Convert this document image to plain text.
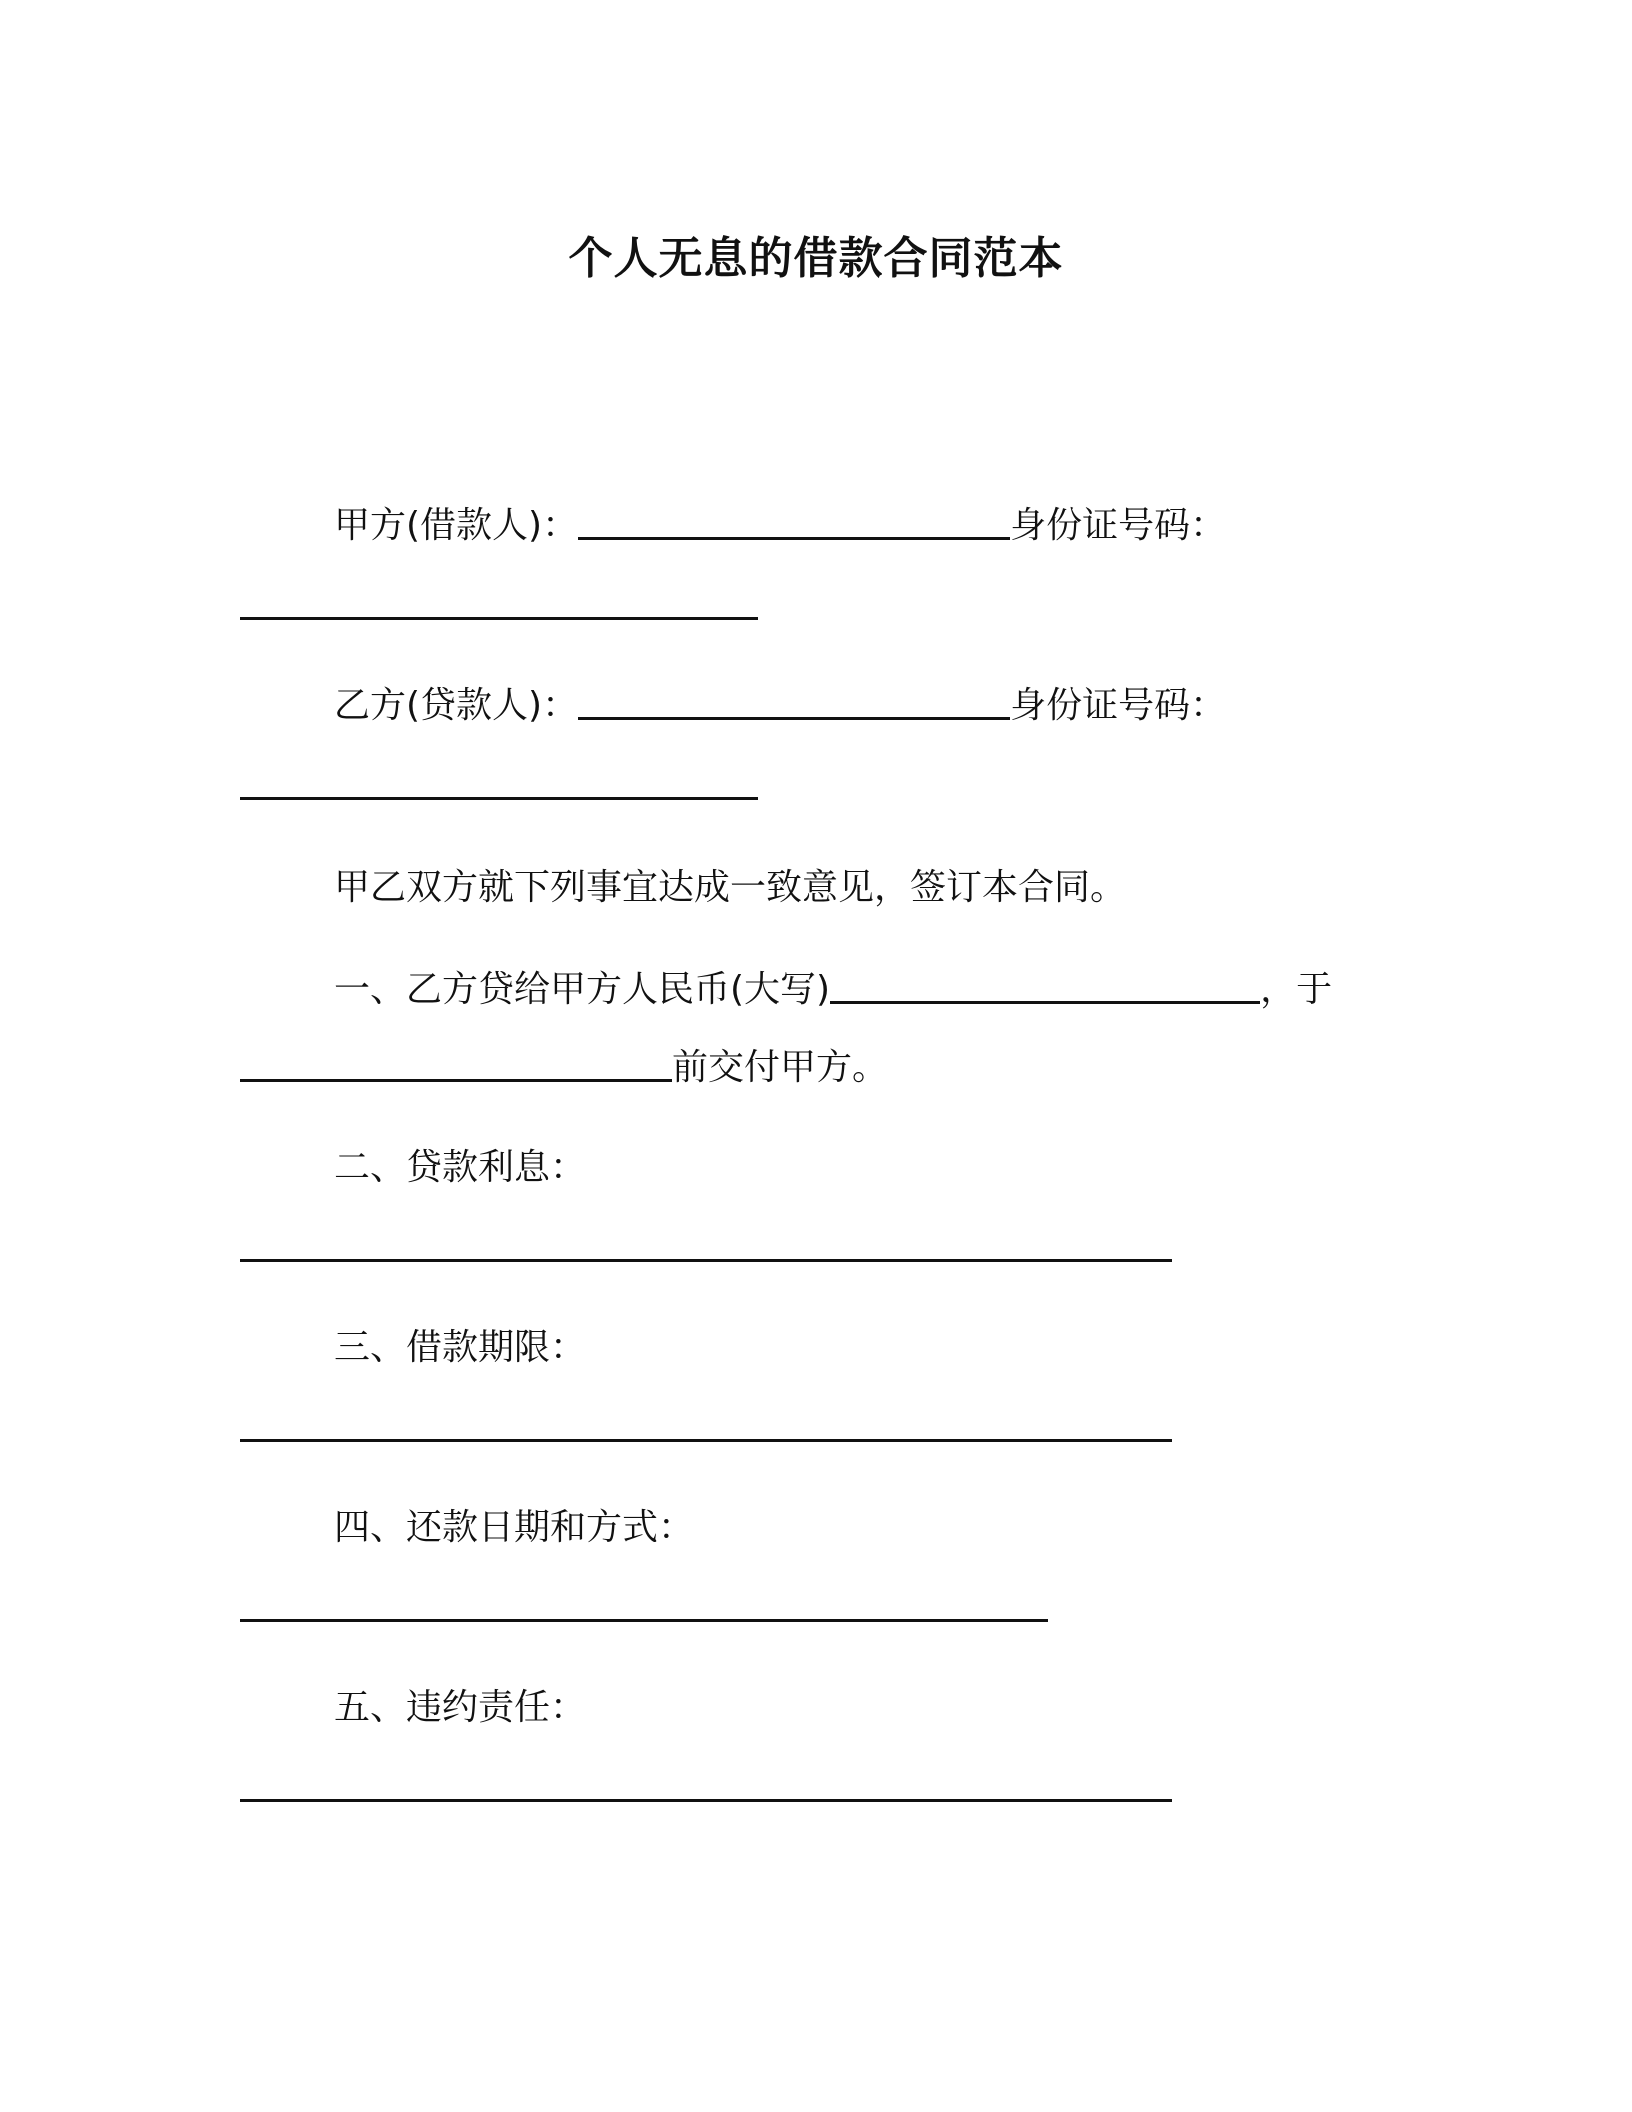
个人无息的借款合同范本
甲方(借款人)：	身份证号码：
乙方(贷款人)：	身份证号码：
甲乙双方就下列事宜达成一致意见，签订本合同。
一、乙方贷给甲方人民币(大写)	，于
前交付甲方。
二、贷款利息：
三、借款期限：
四、还款日期和方式：
五、违约责任：
